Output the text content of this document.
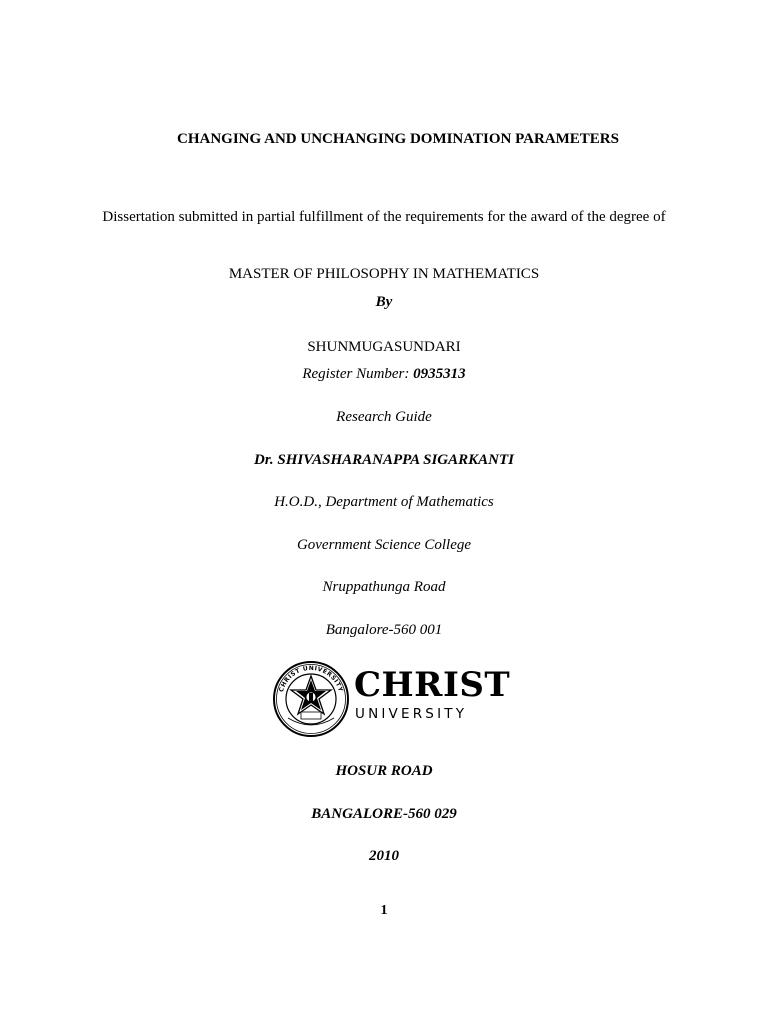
CHANGING AND UNCHANGING DOMINATION PARAMETERS
Dissertation submitted in partial fulfillment of the requirements for the award of the degree of
MASTER OF PHILOSOPHY IN MATHEMATICS
By
SHUNMUGASUNDARI
Register Number: 0935313
Research Guide
Dr. SHIVASHARANAPPA SIGARKANTI
H.O.D., Department of Mathematics
Government Science College
Nruppathunga Road
Bangalore-560 001
CHRIST UNIVERSITY CHRIST
UNIVERSITY
HOSUR ROAD
BANGALORE-560 029
2010
1
